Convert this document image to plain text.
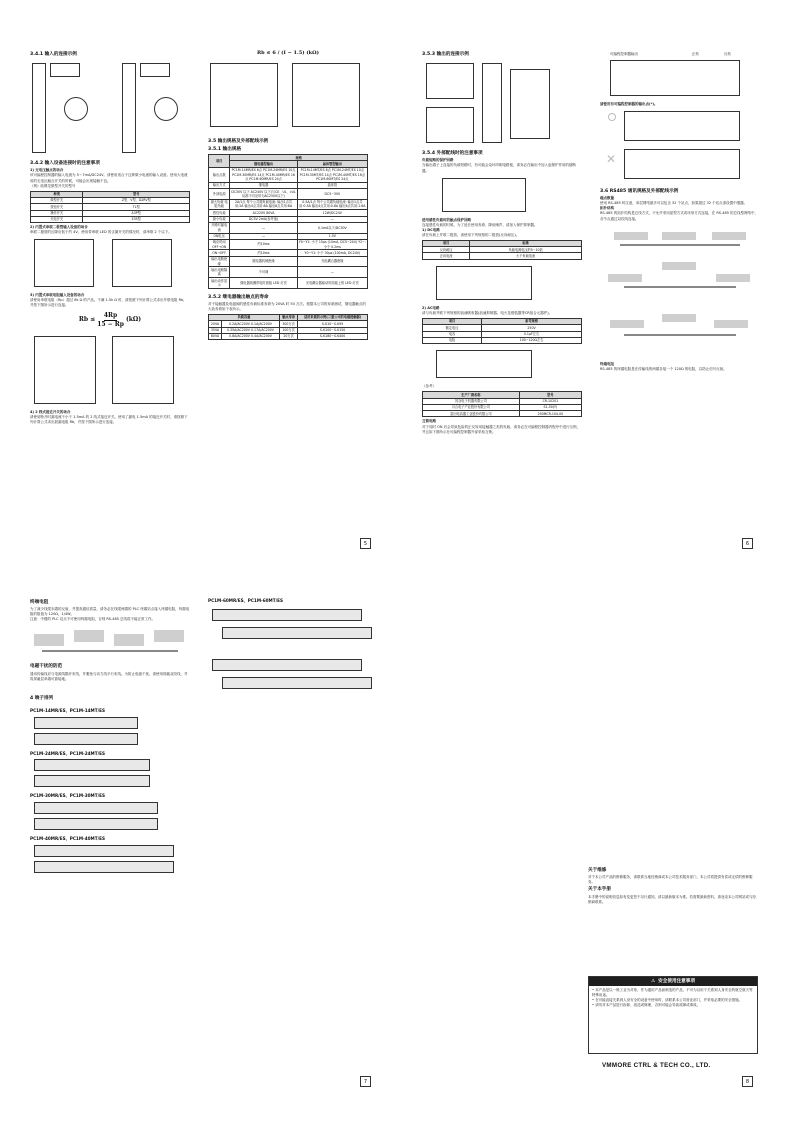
3.4.1 输入的连接示例
3.4.2 输入设备连接时的注意事项
1) 无电压触点的场合
该可编程控制器的输入电流为 5～7mA/DC24V。请使用适合于这种微小电流的输入设备。使用大电流用的无电压触点开关的时候，可能会出现接触不良。
《例》欧姆龙微型开关的型号
种类	型号
微型开关	Z型、V型、D2RV型
按钮开关	TL型
操作开关	A3P型
光电开关	E3S型
2) 内置式串联二极管输入设备的场合
串联二极管的压降应低于约 4V。使用带串联 LED 的舌簧开关的情况时，请串联 2 个以下。
3) 内置式串联电阻输入设备的场合
请使用串联电阻（Rp）超过 8k Ω 的产品。不满 1.5k Ω 时，请按照下列计算公式求出并联电阻 Rb，并按下图所示进行连接。
$Rb \le \frac{4Rp}{15 - Rp} (k\Omega)$
4) 2 线式接近开关的场合
请使用断开时漏电流不小于 1.5mA 的 2 线式接近开关。使用了漏电 1.5mA 的接近开关时，请按照下列计算公式求出泄漏电阻 Rb，并按下图所示进行连接。
Rb ≤ 6 / (I − 1.5) (kΩ)
3.5 输出规格及外部配线示例
3.5.1 输出规格
项目	规格	
	继电器型输出	晶体管型输出
输出点数	PC1M-14MR/ES 6点 PC1M-24MR/ES 10点 PC1M-30MR/ES 14点 PC1M-40MR/ES 16点 PC1M-60MR/ES 24点	PC1M-14MT/ES 6点 PC1M-24MT/ES 10点 PC1M-30MT/ES 14点 PC1M-40MT/ES 16点 PC1M-60MT/ES 24点
输出方式	继电器	晶体管
外部电源	DC30V 以下 AC240V 以下(与CE、UL、cUL标准不对应时为AC250V以下)	DC5~30V
最大负载 电阻负载	2A/1点 每个公共端负载电流: 输出1点共用:2A 输出4点共用:8A 输出8点共用:8A	0.5A/1点 每个公共端负载电流: 输出1点共用:0.5A 输出4点共用:0.8A 输出8点共用:1.6A
感性负载	AC220V 80VA	12W/DC24V
最小负载	DC5V 2mA(参考值)	—
开路时漏电流	—	0.1mA以下/DC30V
ON电压	—	1.5V
响应时间 OFF→ON	约10ms	Y0~Y1: 小于 15μs (10mA, DC5~24V) Y2~: 小于 0.2ms
ON→OFF	约10ms	Y0~Y1: 小于 30μs (100mA, DC24V)
输出电路绝缘	继电器机械绝缘	光电耦合器绝缘
输出电路隔离	不可调	—
输出动作显示	继电器线圈带电时面板 LED 灯亮	光电耦合器驱动时面板上的 LED 灯亮
3.5.2 继电器输出触点的寿命
对于接触器及电磁阀的感性负载标准寿命为 20VA 时 50 万次。根据本公司的寿命测试，继电器触点的大致寿命如下表所示。
负载容量		触点寿命	适用负载的示例(三菱公司的电磁接触器)
20VA	0.2A/AC200V 0.1A/AC200V	300万次	S-K10~S-K95
35VA	0.35A/AC200V 0.17A/AC200V	100万次	S-K100~S-K150
80VA	0.8A/AC200V 0.4A/AC200V	20万次	S-K180~S-K400
5
3.5.3 输出的连接示例
3.5.4 外部配线时的注意事项
负载短路的保护回路
当输出端子上连接的负载短路时，有可能会烧坏印刷电路板，请务必在输出中加入起保护作用的熔断器。
使用感性负载时的触点保护回路
连接感性负载的时候，为了延长使用寿命、降低噪声，请加入保护抑制器。
1) DC电路
请在负载上并联二极管。请使用下列规格的二极管(反向耐压)。
项目	标准
反向耐压	负载电源电压的5~10倍
正向电流	大于负载电流
2) AC电路
请与负载并联下列规格的浪涌吸收器(浪涌抑制器、电火花熄弧器等CR组合元器件)。
项目	参考规格
额定电压	250V
电容	0.1μF左右
电阻	100~120Ω左右
《参考》
生产厂商名称	型号
冈谷电子机器有限公司	CR-10201
川合电子产业股份有限公司	S1-50(Y)
富田电容器工业股份有限公司	250MCR-104-00
互锁电路
对于同时 ON 后会导致危险的正反转用接触器之类的负载，请务必在可编程控制器内程序中进行互锁，并且如下图所示在可编程控制器外部采取互锁。
可编程控制器输出	正转	反转
请使用有可编程控制器的输出点(*)。
✕
3.6 RS485 通讯规格及外部配线示例
端点数量
使用 RS-485 时注意，单层网络最多可以包含 32 个站点，如果超过 32 个站点请设置中继器。
拓扑结构
RS-485 的拓扑结构是总线方式，不允许采用星型方式或环形方式连接，在 RS-485 的总线型网络中，各节点通过双绞线连接。
终端电阻
RS-485 的终端电阻是在传输线的两端各接一个 120Ω 的电阻，以防止信号反射。
6
终端电阻
为了减少线缆末端的反射，并提高通信质量，请务必在线缆两端的 PLC 终端站点接入终端电阻，终端电阻的阻值为 120Ω，1/4W。
注意：中继的 PLC 站点不可使用终端电阻，否则 RS-485 总线将不能正常工作。
电磁干扰的防范
通讯传输线应与电源线隔开布线，并避免与动力线平行布线。为防止电磁干扰，请使用屏蔽双绞线，并将屏蔽层单端可靠接地。
4 端子排列
PC1M-14MR/ES、PC1M-14MT/ES
PC1M-24MR/ES、PC1M-24MT/ES
PC1M-30MR/ES、PC1M-30MT/ES
PC1M-40MR/ES、PC1M-40MT/ES
PC1M-60MR/ES、PC1M-60MT/ES
7
关于维修
对于本公司产品的维修服务，请联系当地经销商或本公司技术服务部门，本公司将提供有偿或无偿的维修服务。
关于本手册
本手册中的说明信息如有变更恕不另行通知，请以最新版本为准。若需要最新资料，请登录本公司网站或与经销商联系。
⚠ 安全使用注意事项
• 本产品是以一般工业为对象，作为通用产品而制造的产品，不可为以用于关系到人身安全的航空航天等特殊用途。
• 在可能直接关系到人身安全的设备中使用时，请联系本公司营业部门，并采取必要的安全措施。
• 请勿对本产品进行拆卸、改造或修理，否则可能会导致故障或事故。
VMMORE CTRL & TECH CO., LTD.
8
